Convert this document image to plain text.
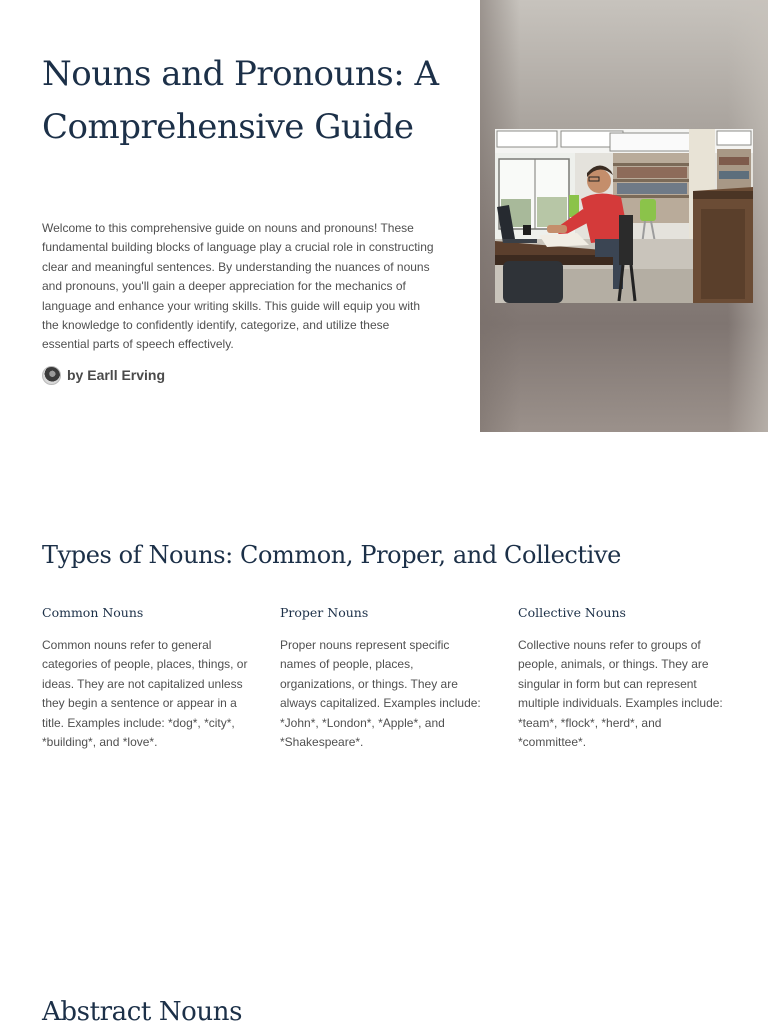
Nouns and Pronouns: A Comprehensive Guide

Welcome to this comprehensive guide on nouns and pronouns! These fundamental building blocks of language play a crucial role in constructing clear and meaningful sentences. By understanding the nuances of nouns and pronouns, you'll gain a deeper appreciation for the mechanics of language and enhance your writing skills. This guide will equip you with the knowledge to confidently identify, categorize, and utilize these essential parts of speech effectively.

by Earll Erving
Types of Nouns: Common, Proper, and Collective
Common Nouns

Common nouns refer to general categories of people, places, things, or ideas. They are not capitalized unless they begin a sentence or appear in a title. Examples include: *dog*, *city*, *building*, and *love*.

Proper Nouns

Proper nouns represent specific names of people, places, organizations, or things. They are always capitalized. Examples include: *John*, *London*, *Apple*, and *Shakespeare*.

Collective Nouns

Collective nouns refer to groups of people, animals, or things. They are singular in form but can represent multiple individuals. Examples include: *team*, *flock*, *herd*, and *committee*.

Abstract Nouns
